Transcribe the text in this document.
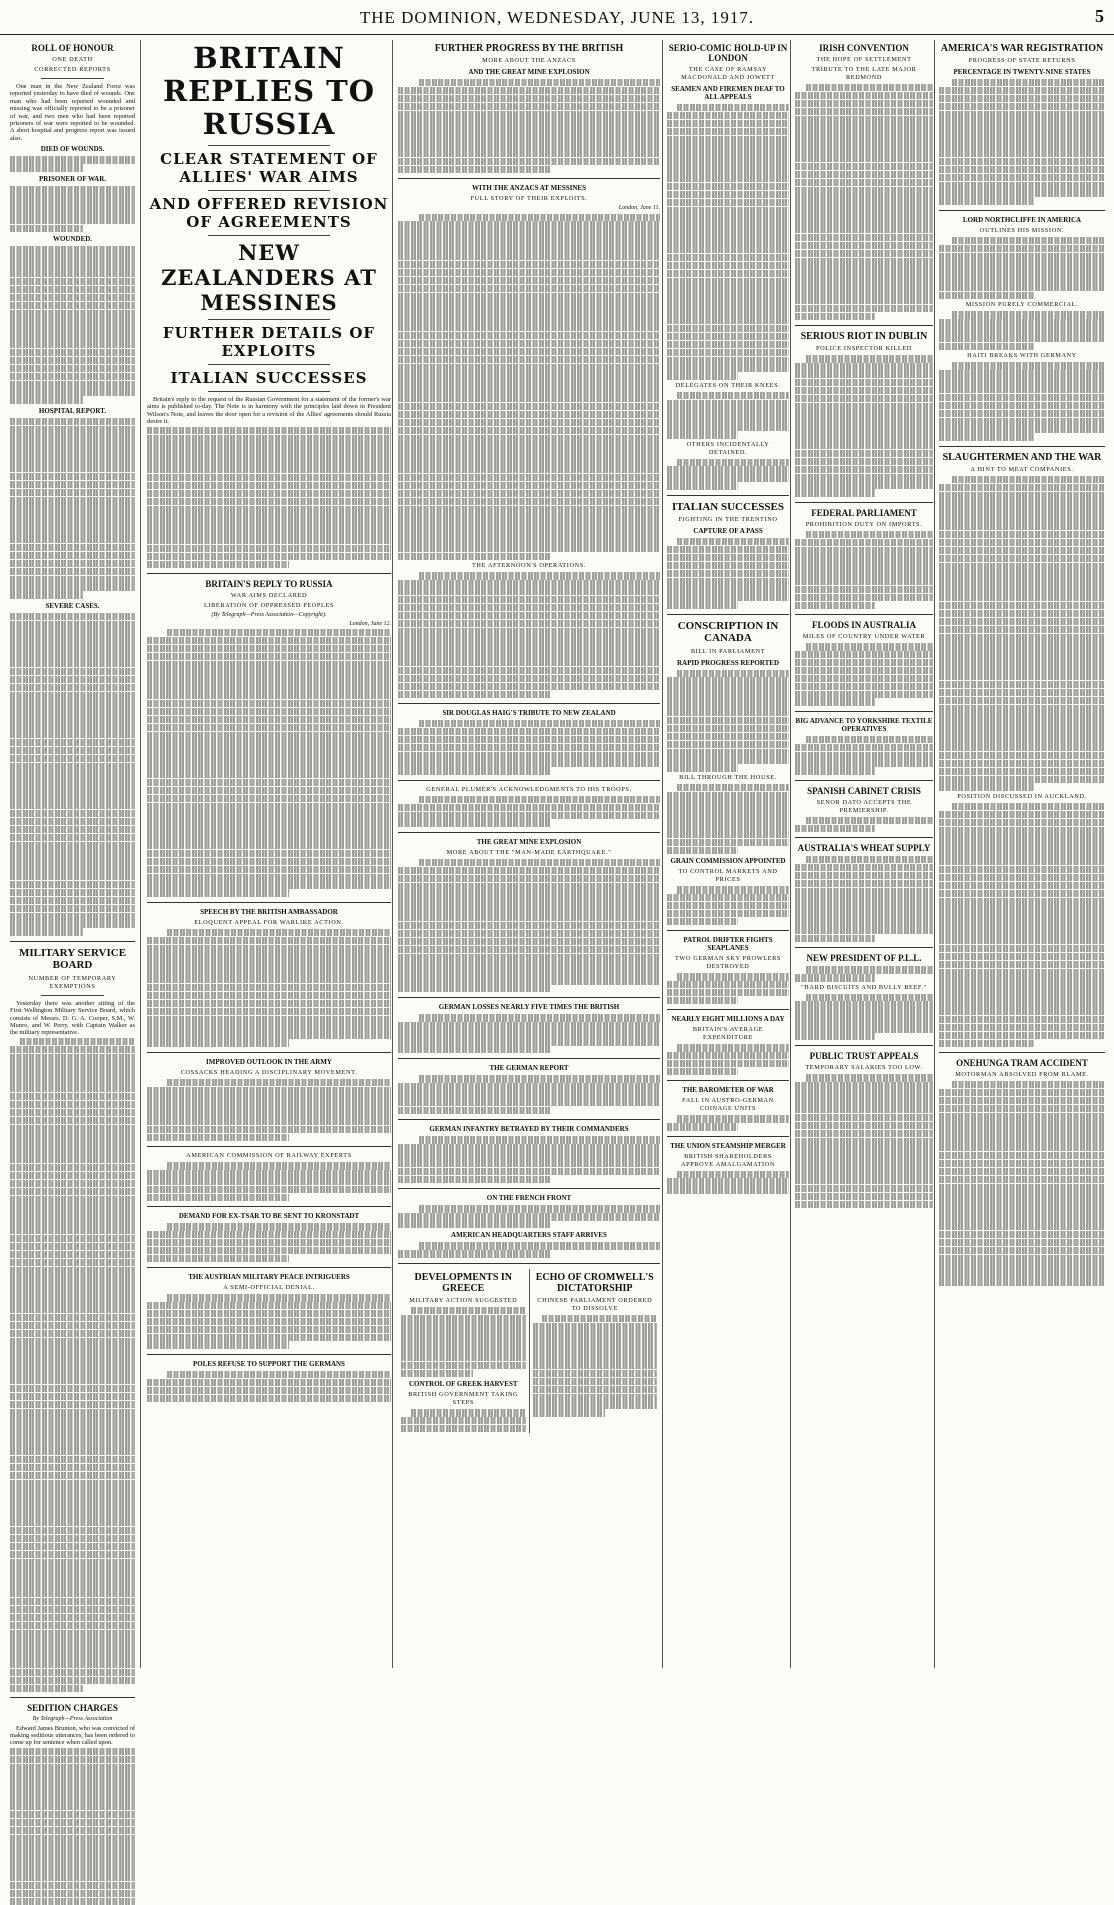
THE DOMINION, WEDNESDAY, JUNE 13, 1917.	5
ROLL OF HONOUR
ONE DEATH
CORRECTED REPORTS

One man in the New Zealand Force was reported yesterday to have died of wounds. One man who had been reported wounded and missing was officially reported to be a prisoner of war, and two men who had been reported prisoners of war were reported to be wounded. A short hospital and progress report was issued also.

DIED OF WOUNDS.
PRISONER OF WAR.
WOUNDED.
HOSPITAL REPORT.
SEVERE CASES.
MILITARY SERVICE BOARD
NUMBER OF TEMPORARY EXEMPTIONS

Yesterday there was another sitting of the First Wellington Military Service Board, which consists of Messrs. D. G. A. Cooper, S.M., W. Munro, and W. Perry, with Captain Walker as the military representative.

SEDITION CHARGES
By Telegraph—Press Association

Edward James Brunton, who was convicted of making seditious utterances, has been ordered to come up for sentence when called upon.

BRITAIN REPLIES TO RUSSIA
CLEAR STATEMENT OF ALLIES' WAR AIMS
AND OFFERED REVISION OF AGREEMENTS
NEW ZEALANDERS AT MESSINES
FURTHER DETAILS OF EXPLOITS
ITALIAN SUCCESSES

Britain's reply to the request of the Russian Government for a statement of the former's war aims is published to-day. The Note is in harmony with the principles laid down in President Wilson's Note, and leaves the door open for a revision of the Allies' agreements should Russia desire it.

BRITAIN'S REPLY TO RUSSIA
WAR AIMS DECLARED
LIBERATION OF OPPRESSED PEOPLES
(By Telegraph—Press Association—Copyright).
London, June 12.
SPEECH BY THE BRITISH AMBASSADOR
ELOQUENT APPEAL FOR WARLIKE ACTION.
IMPROVED OUTLOOK IN THE ARMY
COSSACKS HEADING A DISCIPLINARY MOVEMENT.
AMERICAN COMMISSION OF RAILWAY EXPERTS
DEMAND FOR EX-TSAR TO BE SENT TO KRONSTADT
THE AUSTRIAN MILITARY PEACE INTRIGUERS
A SEMI-OFFICIAL DENIAL.
POLES REFUSE TO SUPPORT THE GERMANS
FURTHER PROGRESS BY THE BRITISH
MORE ABOUT THE ANZACS
AND THE GREAT MINE EXPLOSION
WITH THE ANZACS AT MESSINES
FULL STORY OF THEIR EXPLOITS.
London, June 11.
THE AFTERNOON'S OPERATIONS.
SIR DOUGLAS HAIG'S TRIBUTE TO NEW ZEALAND
GENERAL PLUMER'S ACKNOWLEDGMENTS TO HIS TROOPS.
THE GREAT MINE EXPLOSION
MORE ABOUT THE "MAN-MADE EARTHQUAKE."
GERMAN LOSSES NEARLY FIVE TIMES THE BRITISH
THE GERMAN REPORT
GERMAN INFANTRY BETRAYED BY THEIR COMMANDERS
ON THE FRENCH FRONT
AMERICAN HEADQUARTERS STAFF ARRIVES
DEVELOPMENTS IN GREECE
MILITARY ACTION SUGGESTED
CONTROL OF GREEK HARVEST
BRITISH GOVERNMENT TAKING STEPS
ECHO OF CROMWELL'S DICTATORSHIP
CHINESE PARLIAMENT ORDERED TO DISSOLVE
SERIO-COMIC HOLD-UP IN LONDON
THE CASE OF RAMSAY MACDONALD AND JOWETT
SEAMEN AND FIREMEN DEAF TO ALL APPEALS
DELEGATES ON THEIR KNEES.
OTHERS INCIDENTALLY DETAINED.
ITALIAN SUCCESSES
FIGHTING IN THE TRENTINO
CAPTURE OF A PASS
CONSCRIPTION IN CANADA
BILL IN PARLIAMENT
RAPID PROGRESS REPORTED
BILL THROUGH THE HOUSE.
GRAIN COMMISSION APPOINTED
TO CONTROL MARKETS AND PRICES
PATROL DRIFTER FIGHTS SEAPLANES
TWO GERMAN SKY PROWLERS DESTROYED
NEARLY EIGHT MILLIONS A DAY
BRITAIN'S AVERAGE EXPENDITURE
THE BAROMETER OF WAR
FALL IN AUSTRO-GERMAN COINAGE UNITS
THE UNION STEAMSHIP MERGER
BRITISH SHAREHOLDERS APPROVE AMALGAMATION
IRISH CONVENTION
THE HOPE OF SETTLEMENT
TRIBUTE TO THE LATE MAJOR REDMOND
SERIOUS RIOT IN DUBLIN
POLICE INSPECTOR KILLED
FEDERAL PARLIAMENT
PROHIBITION DUTY ON IMPORTS.
FLOODS IN AUSTRALIA
MILES OF COUNTRY UNDER WATER
BIG ADVANCE TO YORKSHIRE TEXTILE OPERATIVES
SPANISH CABINET CRISIS
SENOR DATO ACCEPTS THE PREMIERSHIP.
AUSTRALIA'S WHEAT SUPPLY
NEW PRESIDENT OF P.L.L.
"HARD BISCUITS AND BULLY BEEF."
PUBLIC TRUST APPEALS
TEMPORARY SALARIES TOO LOW.
AMERICA'S WAR REGISTRATION
PROGRESS OF STATE RETURNS
PERCENTAGE IN TWENTY-NINE STATES
LORD NORTHCLIFFE IN AMERICA
OUTLINES HIS MISSION.
MISSION PURELY COMMERCIAL.
HAITI BREAKS WITH GERMANY
SLAUGHTERMEN AND THE WAR
A HINT TO MEAT COMPANIES.
POSITION DISCUSSED IN AUCKLAND.
ONEHUNGA TRAM ACCIDENT
MOTORMAN ABSOLVED FROM BLAME.
